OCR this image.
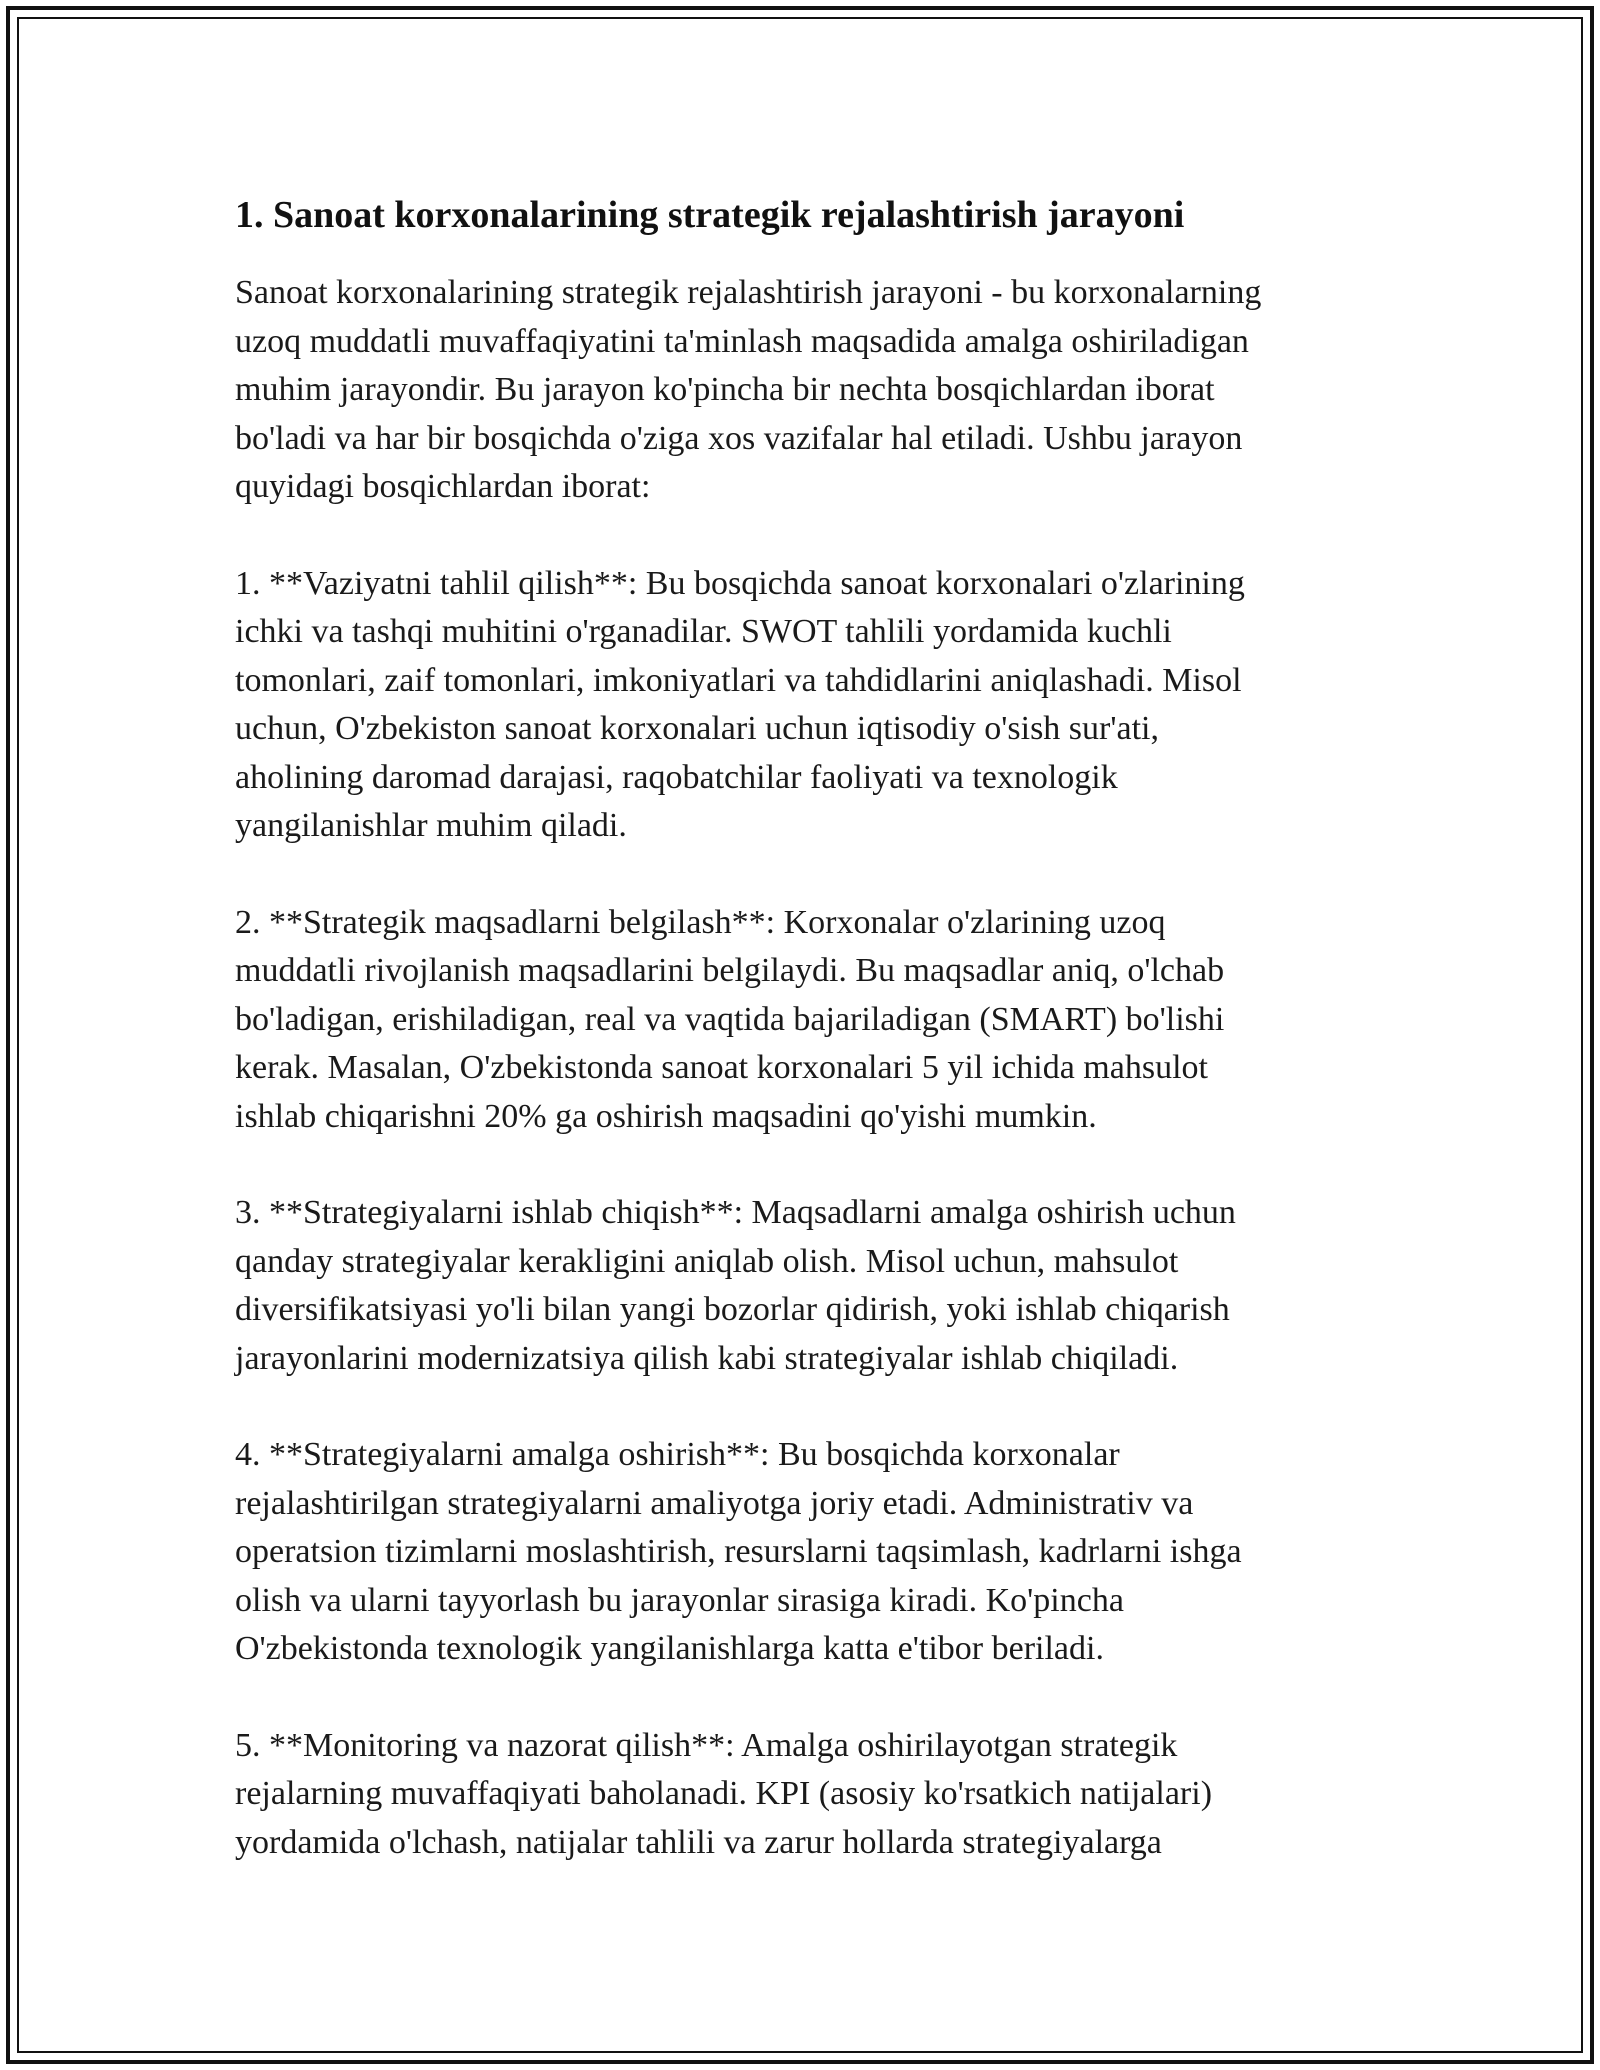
1. Sanoat korxonalarining strategik rejalashtirish jarayoni

Sanoat korxonalarining strategik rejalashtirish jarayoni - bu korxonalarning
uzoq muddatli muvaffaqiyatini ta'minlash maqsadida amalga oshiriladigan
muhim jarayondir. Bu jarayon ko'pincha bir nechta bosqichlardan iborat
bo'ladi va har bir bosqichda o'ziga xos vazifalar hal etiladi. Ushbu jarayon
quyidagi bosqichlardan iborat:

1. **Vaziyatni tahlil qilish**: Bu bosqichda sanoat korxonalari o'zlarining
ichki va tashqi muhitini o'rganadilar. SWOT tahlili yordamida kuchli
tomonlari, zaif tomonlari, imkoniyatlari va tahdidlarini aniqlashadi. Misol
uchun, O'zbekiston sanoat korxonalari uchun iqtisodiy o'sish sur'ati,
aholining daromad darajasi, raqobatchilar faoliyati va texnologik
yangilanishlar muhim qiladi.

2. **Strategik maqsadlarni belgilash**: Korxonalar o'zlarining uzoq
muddatli rivojlanish maqsadlarini belgilaydi. Bu maqsadlar aniq, o'lchab
bo'ladigan, erishiladigan, real va vaqtida bajariladigan (SMART) bo'lishi
kerak. Masalan, O'zbekistonda sanoat korxonalari 5 yil ichida mahsulot
ishlab chiqarishni 20% ga oshirish maqsadini qo'yishi mumkin.

3. **Strategiyalarni ishlab chiqish**: Maqsadlarni amalga oshirish uchun
qanday strategiyalar kerakligini aniqlab olish. Misol uchun, mahsulot
diversifikatsiyasi yo'li bilan yangi bozorlar qidirish, yoki ishlab chiqarish
jarayonlarini modernizatsiya qilish kabi strategiyalar ishlab chiqiladi.

4. **Strategiyalarni amalga oshirish**: Bu bosqichda korxonalar
rejalashtirilgan strategiyalarni amaliyotga joriy etadi. Administrativ va
operatsion tizimlarni moslashtirish, resurslarni taqsimlash, kadrlarni ishga
olish va ularni tayyorlash bu jarayonlar sirasiga kiradi. Ko'pincha
O'zbekistonda texnologik yangilanishlarga katta e'tibor beriladi.

5. **Monitoring va nazorat qilish**: Amalga oshirilayotgan strategik
rejalarning muvaffaqiyati baholanadi. KPI (asosiy ko'rsatkich natijalari)
yordamida o'lchash, natijalar tahlili va zarur hollarda strategiyalarga
